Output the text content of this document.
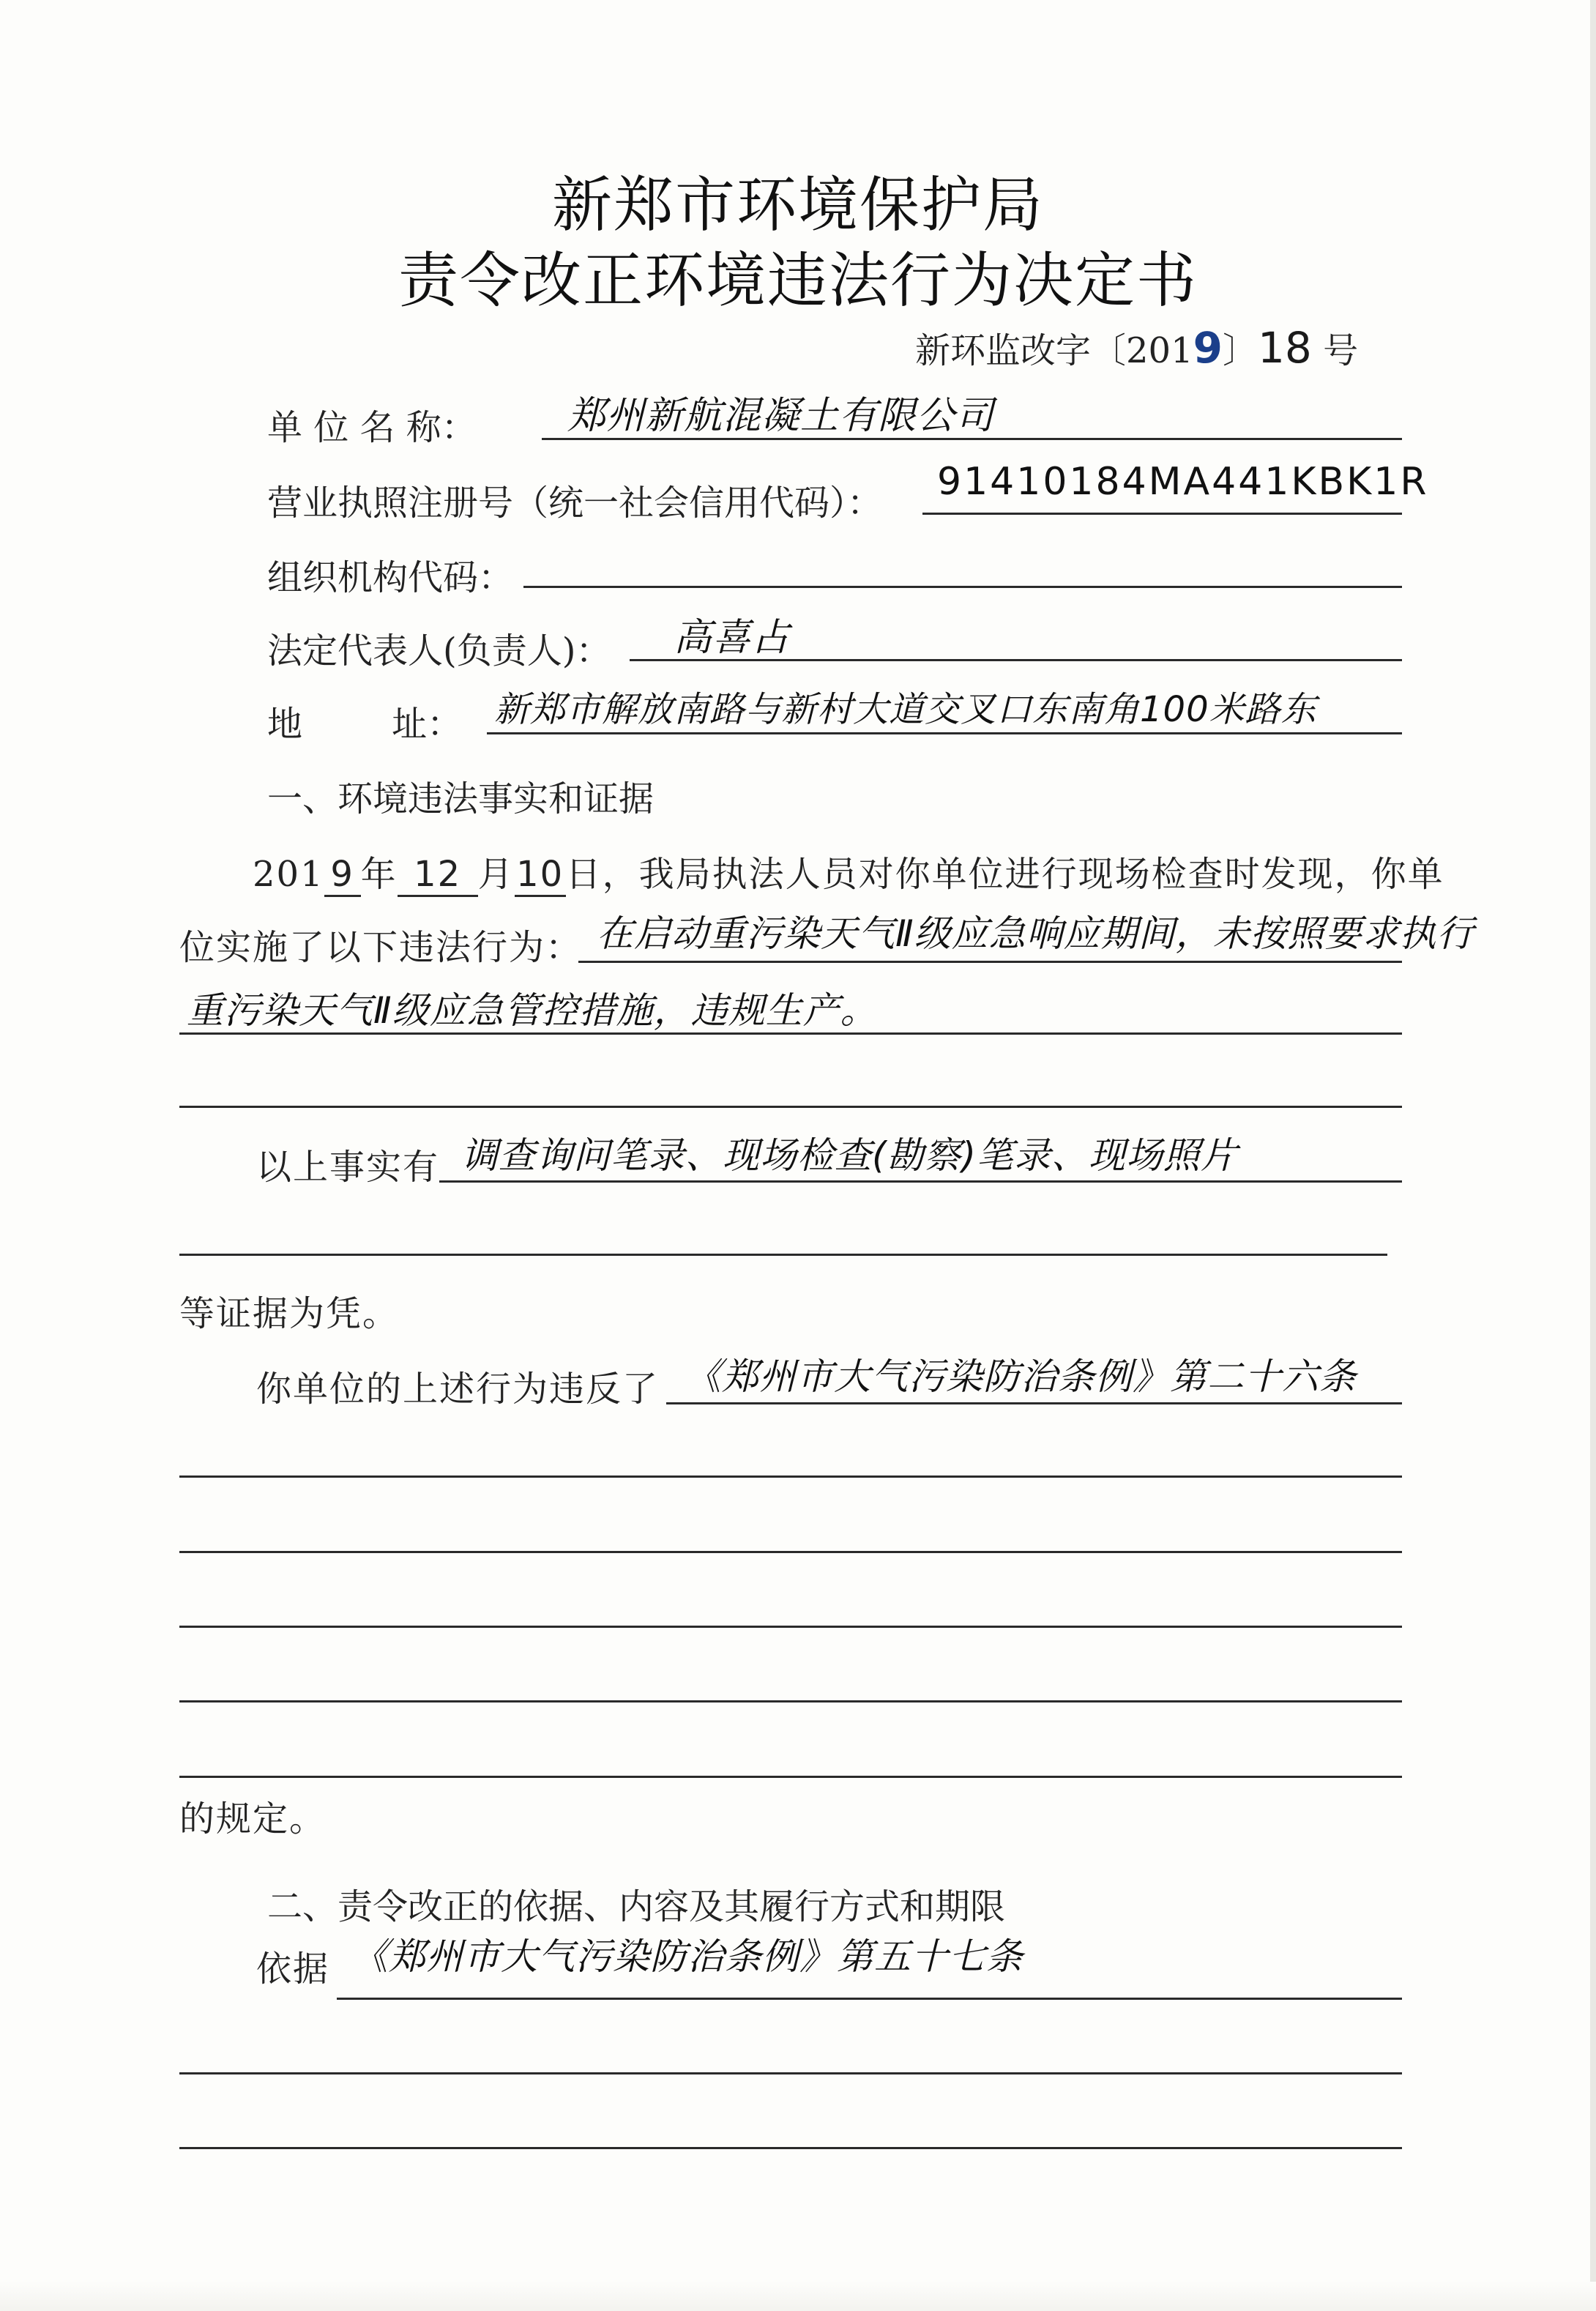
新郑市环境保护局
责令改正环境违法行为决定书
新环监改字〔2019〕18 号
单 位 名 称： 郑州新航混凝土有限公司
营业执照注册号（统一社会信用代码）： 91410184MA441KBK1R
组织机构代码：
法定代表人(负责人)： 高喜占
地        址： 新郑市解放南路与新村大道交叉口东南角100米路东
一、环境违法事实和证据
201 9 年 12 月10日，我局执法人员对你单位进行现场检查时发现，你单
位实施了以下违法行为： 在启动重污染天气Ⅱ级应急响应期间，未按照要求执行
重污染天气Ⅱ级应急管控措施，违规生产。
以上事实有 调查询问笔录、现场检查(勘察)笔录、现场照片
等证据为凭。
你单位的上述行为违反了 《郑州市大气污染防治条例》第二十六条
的规定。
二、责令改正的依据、内容及其履行方式和期限
依据 《郑州市大气污染防治条例》第五十七条
